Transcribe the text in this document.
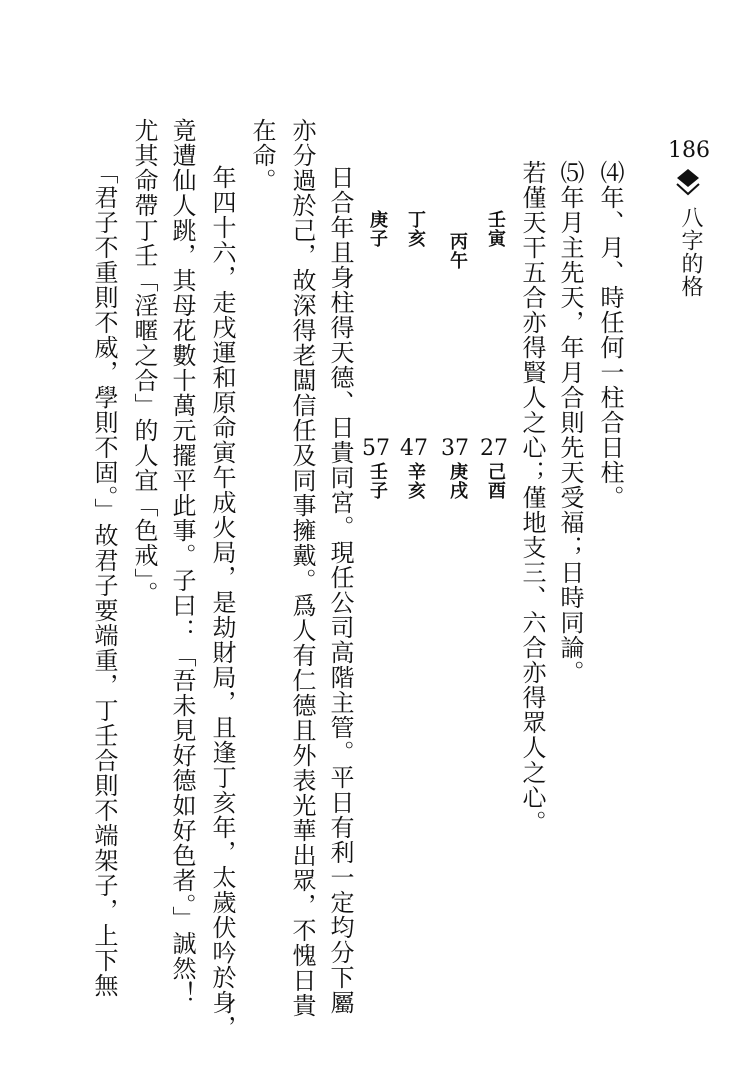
186
八字的格
⑷年、月、時任何一柱合日柱。
⑸年月主先天，年月合則先天受福；日時同論。
若僅天干五合亦得賢人之心；僅地支三、六合亦得眾人之心。
壬寅
丙午
丁亥
庚子
27
己酉
37
庚戌
47
辛亥
57
壬子
日合年且身柱得天德、日貴同宮。現任公司高階主管。平日有利一定均分下屬
亦分過於己，故深得老闆信任及同事擁戴。爲人有仁德且外表光華出眾，不愧日貴
在命。
年四十六，走戌運和原命寅午成火局，是劫財局，且逢丁亥年，太歲伏吟於身，
竟遭仙人跳，其母花數十萬元擺平此事。子曰：「吾未見好德如好色者。」誠然！
尤其命帶丁壬「淫暱之合」的人宜「色戒」。
「君子不重則不威，學則不固。」故君子要端重，丁壬合則不端架子，上下無
